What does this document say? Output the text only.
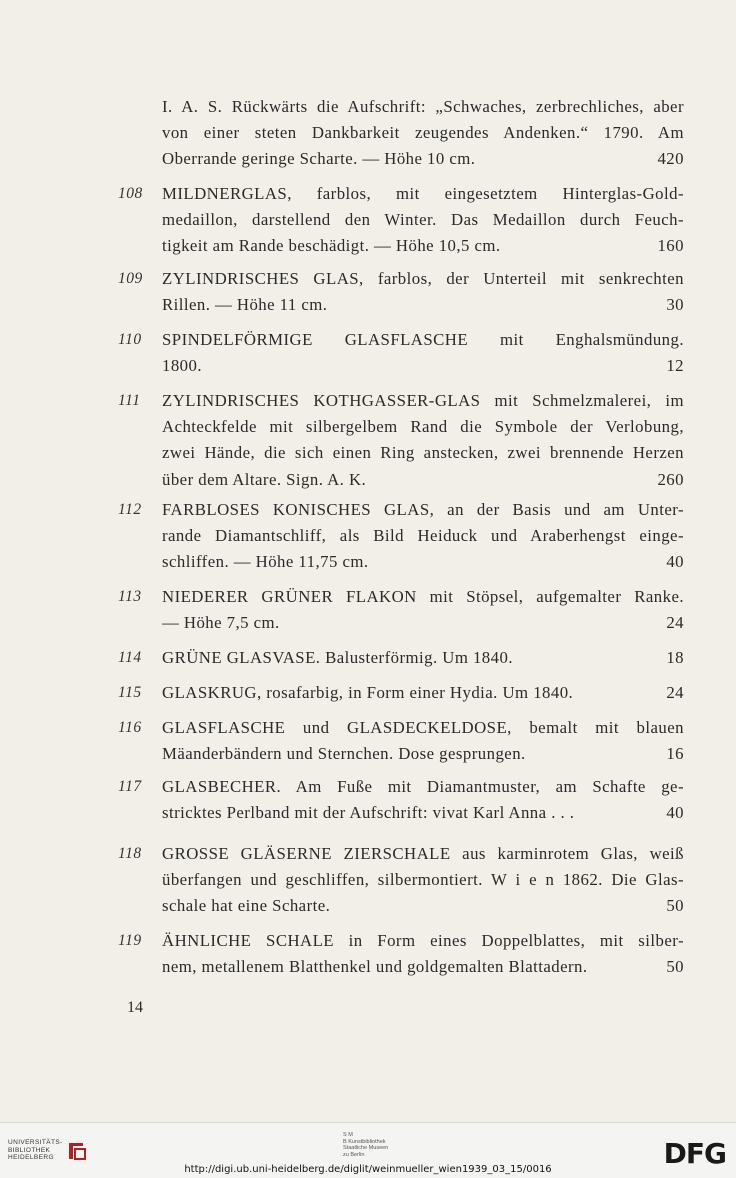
I. A. S. Rückwärts die Aufschrift: „Schwaches, zerbrechliches, aber
von einer steten Dankbarkeit zeugendes Andenken.“ 1790. Am
Oberrande geringe Scharte. — Höhe 10 cm.	420
108	MILDNERGLAS, farblos, mit eingesetztem Hinterglas-Gold-
medaillon, darstellend den Winter. Das Medaillon durch Feuch-
tigkeit am Rande beschädigt. — Höhe 10,5 cm.	160
109	ZYLINDRISCHES GLAS, farblos, der Unterteil mit senkrechten
Rillen. — Höhe 11 cm.	30
110	SPINDELFÖRMIGE GLASFLASCHE mit Enghalsmündung.
1800.	12
111	ZYLINDRISCHES KOTHGASSER-GLAS mit Schmelzmalerei, im
Achteckfelde mit silbergelbem Rand die Symbole der Verlobung,
zwei Hände, die sich einen Ring anstecken, zwei brennende Herzen
über dem Altare. Sign. A. K.	260
112	FARBLOSES KONISCHES GLAS, an der Basis und am Unter-
rande Diamantschliff, als Bild Heiduck und Araberhengst einge-
schliffen. — Höhe 11,75 cm.	40
113	NIEDERER GRÜNER FLAKON mit Stöpsel, aufgemalter Ranke.
— Höhe 7,5 cm.	24
114	GRÜNE GLASVASE. Balusterförmig. Um 1840.	18
115	GLASKRUG, rosafarbig, in Form einer Hydia. Um 1840.	24
116	GLASFLASCHE und GLASDECKELDOSE, bemalt mit blauen
Mäanderbändern und Sternchen. Dose gesprungen.	16
117	GLASBECHER. Am Fuße mit Diamantmuster, am Schafte ge-
stricktes Perlband mit der Aufschrift: vivat Karl Anna . . .	40
118	GROSSE GLÄSERNE ZIERSCHALE aus karminrotem Glas, weiß
überfangen und geschliffen, silbermontiert. W i e n 1862. Die Glas-
schale hat eine Scharte.	50
119	ÄHNLICHE SCHALE in Form eines Doppelblattes, mit silber-
nem, metallenem Blatthenkel und goldgemalten Blattadern.	50
14
UNIVERSITÄTS-
BIBLIOTHEK
HEIDELBERG
S M
B Kunstbibliothek
Staatliche Museen
zu Berlin
http://digi.ub.uni-heidelberg.de/diglit/weinmueller_wien1939_03_15/0016	DFG
